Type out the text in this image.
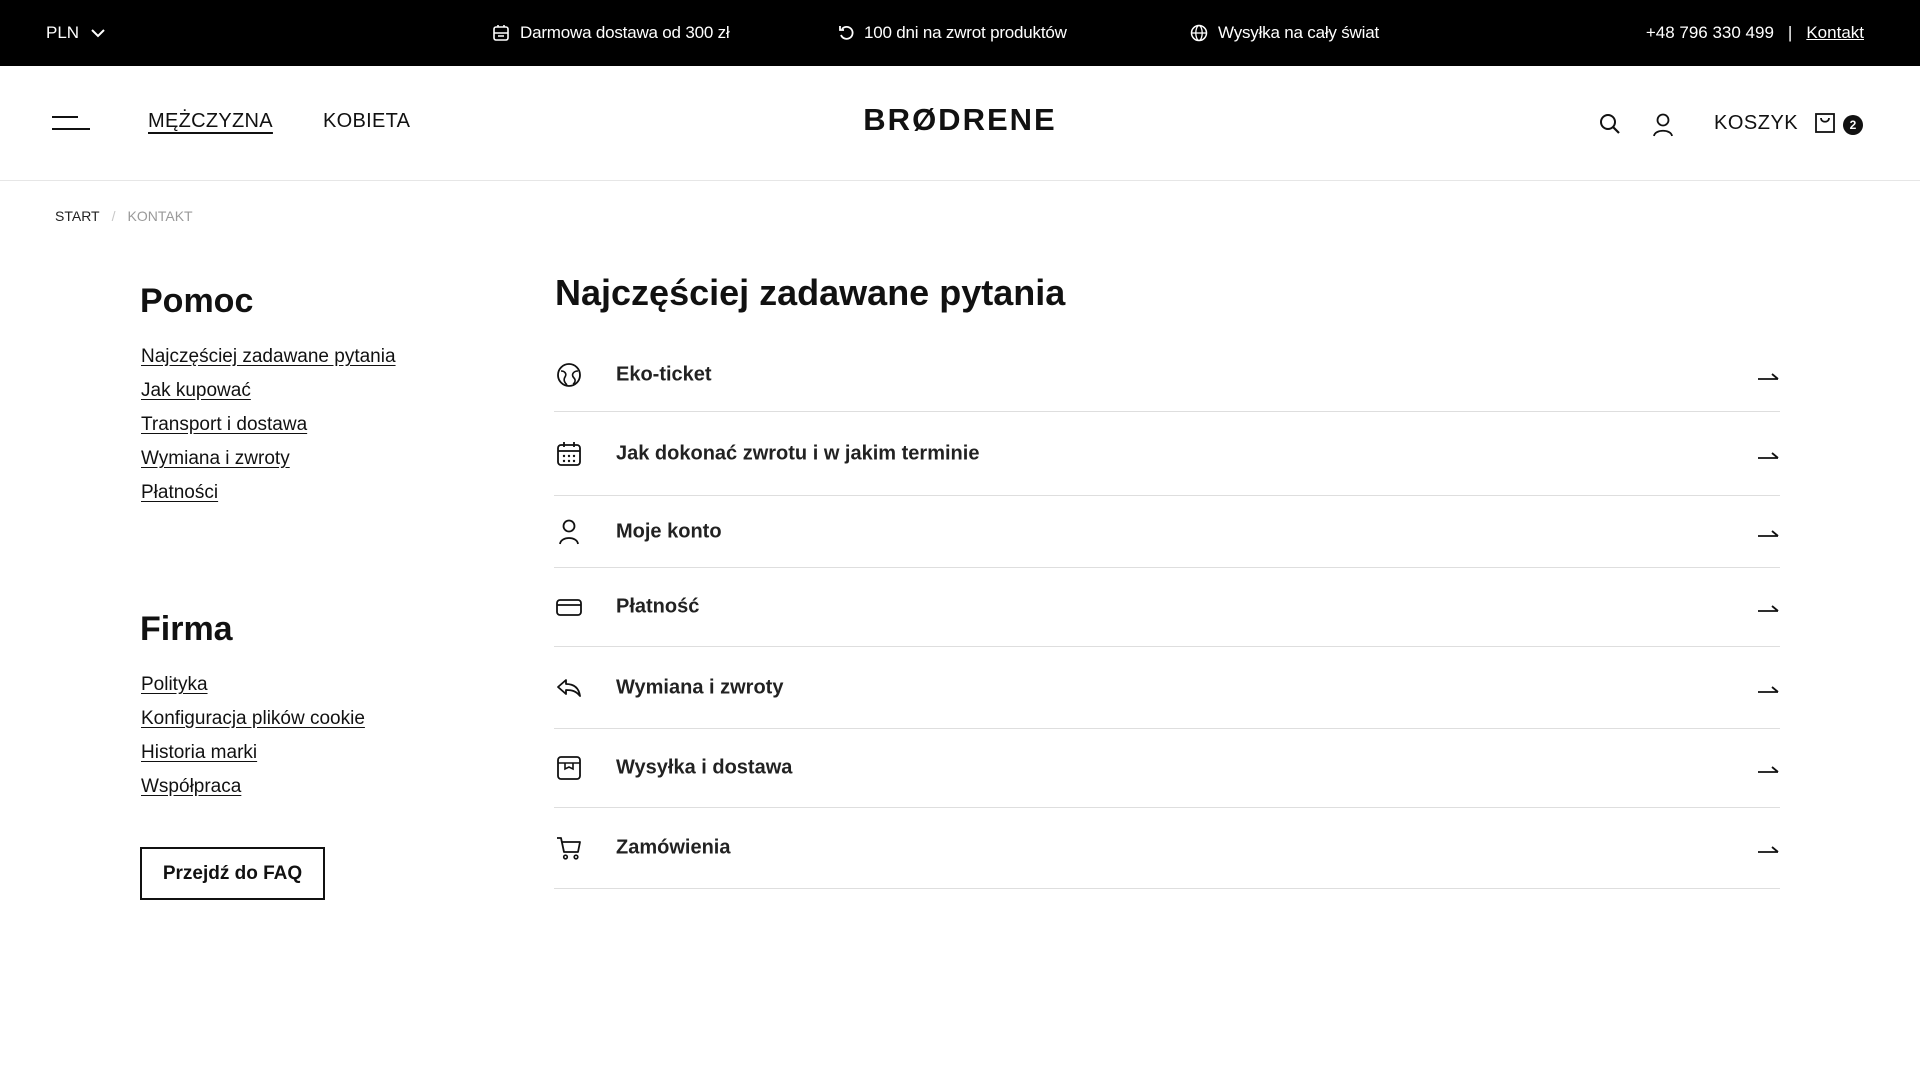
PLN	Darmowa dostawa od 300 zł	100 dni na zwrot produktów	Wysyłka na cały świat	+48 796 330 499 | Kontakt
MĘŻCZYZNA	KOBIETA	BRØDRENE	KOSZYK	2
START / KONTAKT
Pomoc
Najczęściej zadawane pytania
Jak kupować
Transport i dostawa
Wymiana i zwroty
Płatności
Firma
Polityka
Konfiguracja plików cookie
Historia marki
Współpraca
Przejdź do FAQ
Najczęściej zadawane pytania
Eko-ticket
Jak dokonać zwrotu i w jakim terminie
Moje konto
Płatność
Wymiana i zwroty
Wysyłka i dostawa
Zamówienia
